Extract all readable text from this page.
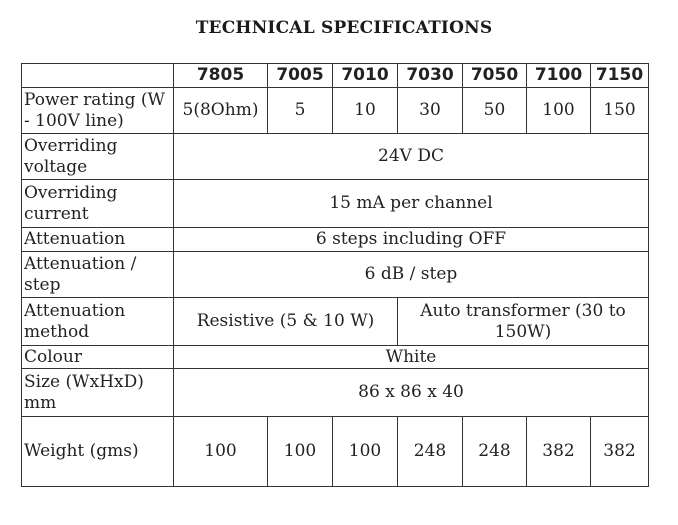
TECHNICAL SPECIFICATIONS
	7805	7005	7010	7030	7050	7100	7150
Power rating (W - 100V line)	5(8Ohm)	5	10	30	50	100	150
Overriding voltage	24V DC						
Overriding current	15 mA per channel						
Attenuation	6 steps including OFF						
Attenuation / step	6 dB / step						
Attenuation method	Resistive (5 & 10 W)			Auto transformer (30 to 150W)			
Colour	White						
Size (WxHxD) mm	86 x 86 x 40						
Weight (gms)	100	100	100	248	248	382	382
